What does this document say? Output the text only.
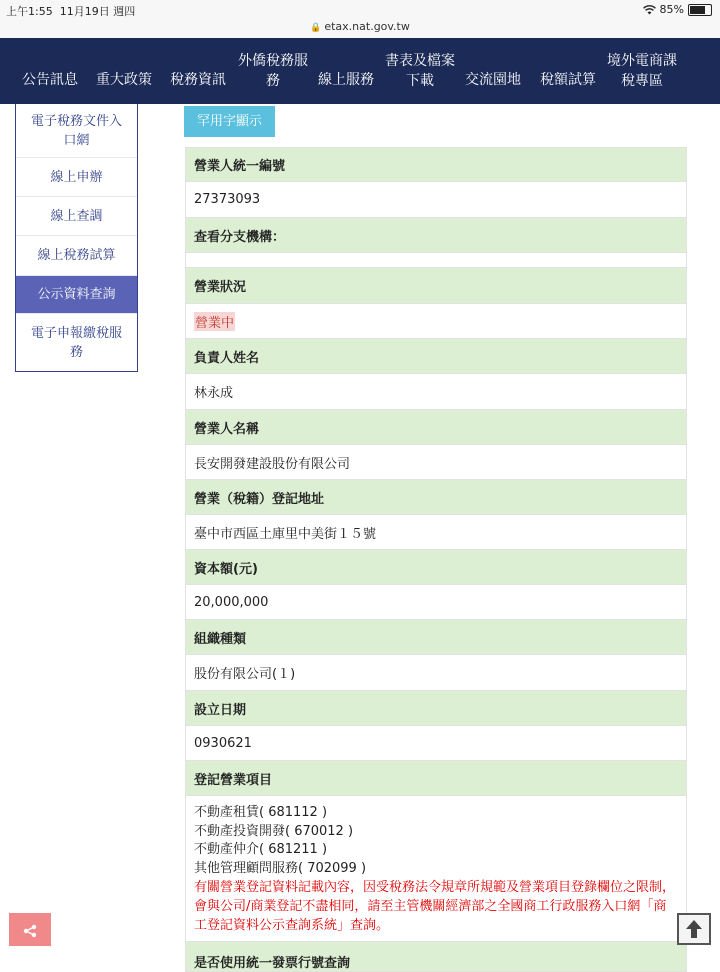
上午1:55 11月19日 週四	85%
🔒 etax.nat.gov.tw
公告訊息 重大政策 稅務資訊
外僑稅務服
務	線上服務
書表及檔案
下載	交流園地 稅額試算
境外電商課
稅專區
電子稅務文件入
口網
線上申辦
線上查調
線上稅務試算
公示資料查詢
電子申報繳稅服
務
罕用字顯示
營業人統一編號
27373093
查看分支機構：
營業狀況
營業中
負責人姓名
林永成
營業人名稱
長安開發建設股份有限公司
營業（稅籍）登記地址
臺中市西區土庫里中美街１５號
資本額(元)
20,000,000
組織種類
股份有限公司(１)
設立日期
0930621
登記營業項目
不動產租賃( 681112 )
不動產投資開發( 670012 )
不動產仲介( 681211 )
其他管理顧問服務( 702099 )
有關營業登記資料記載內容，因受稅務法令規章所規範及營業項目登錄欄位之限制，會與公司/商業登記不盡相同，請至主管機關經濟部之全國商工行政服務入口網「商工登記資料公示查詢系統」查詢。
是否使用統一發票行號查詢
